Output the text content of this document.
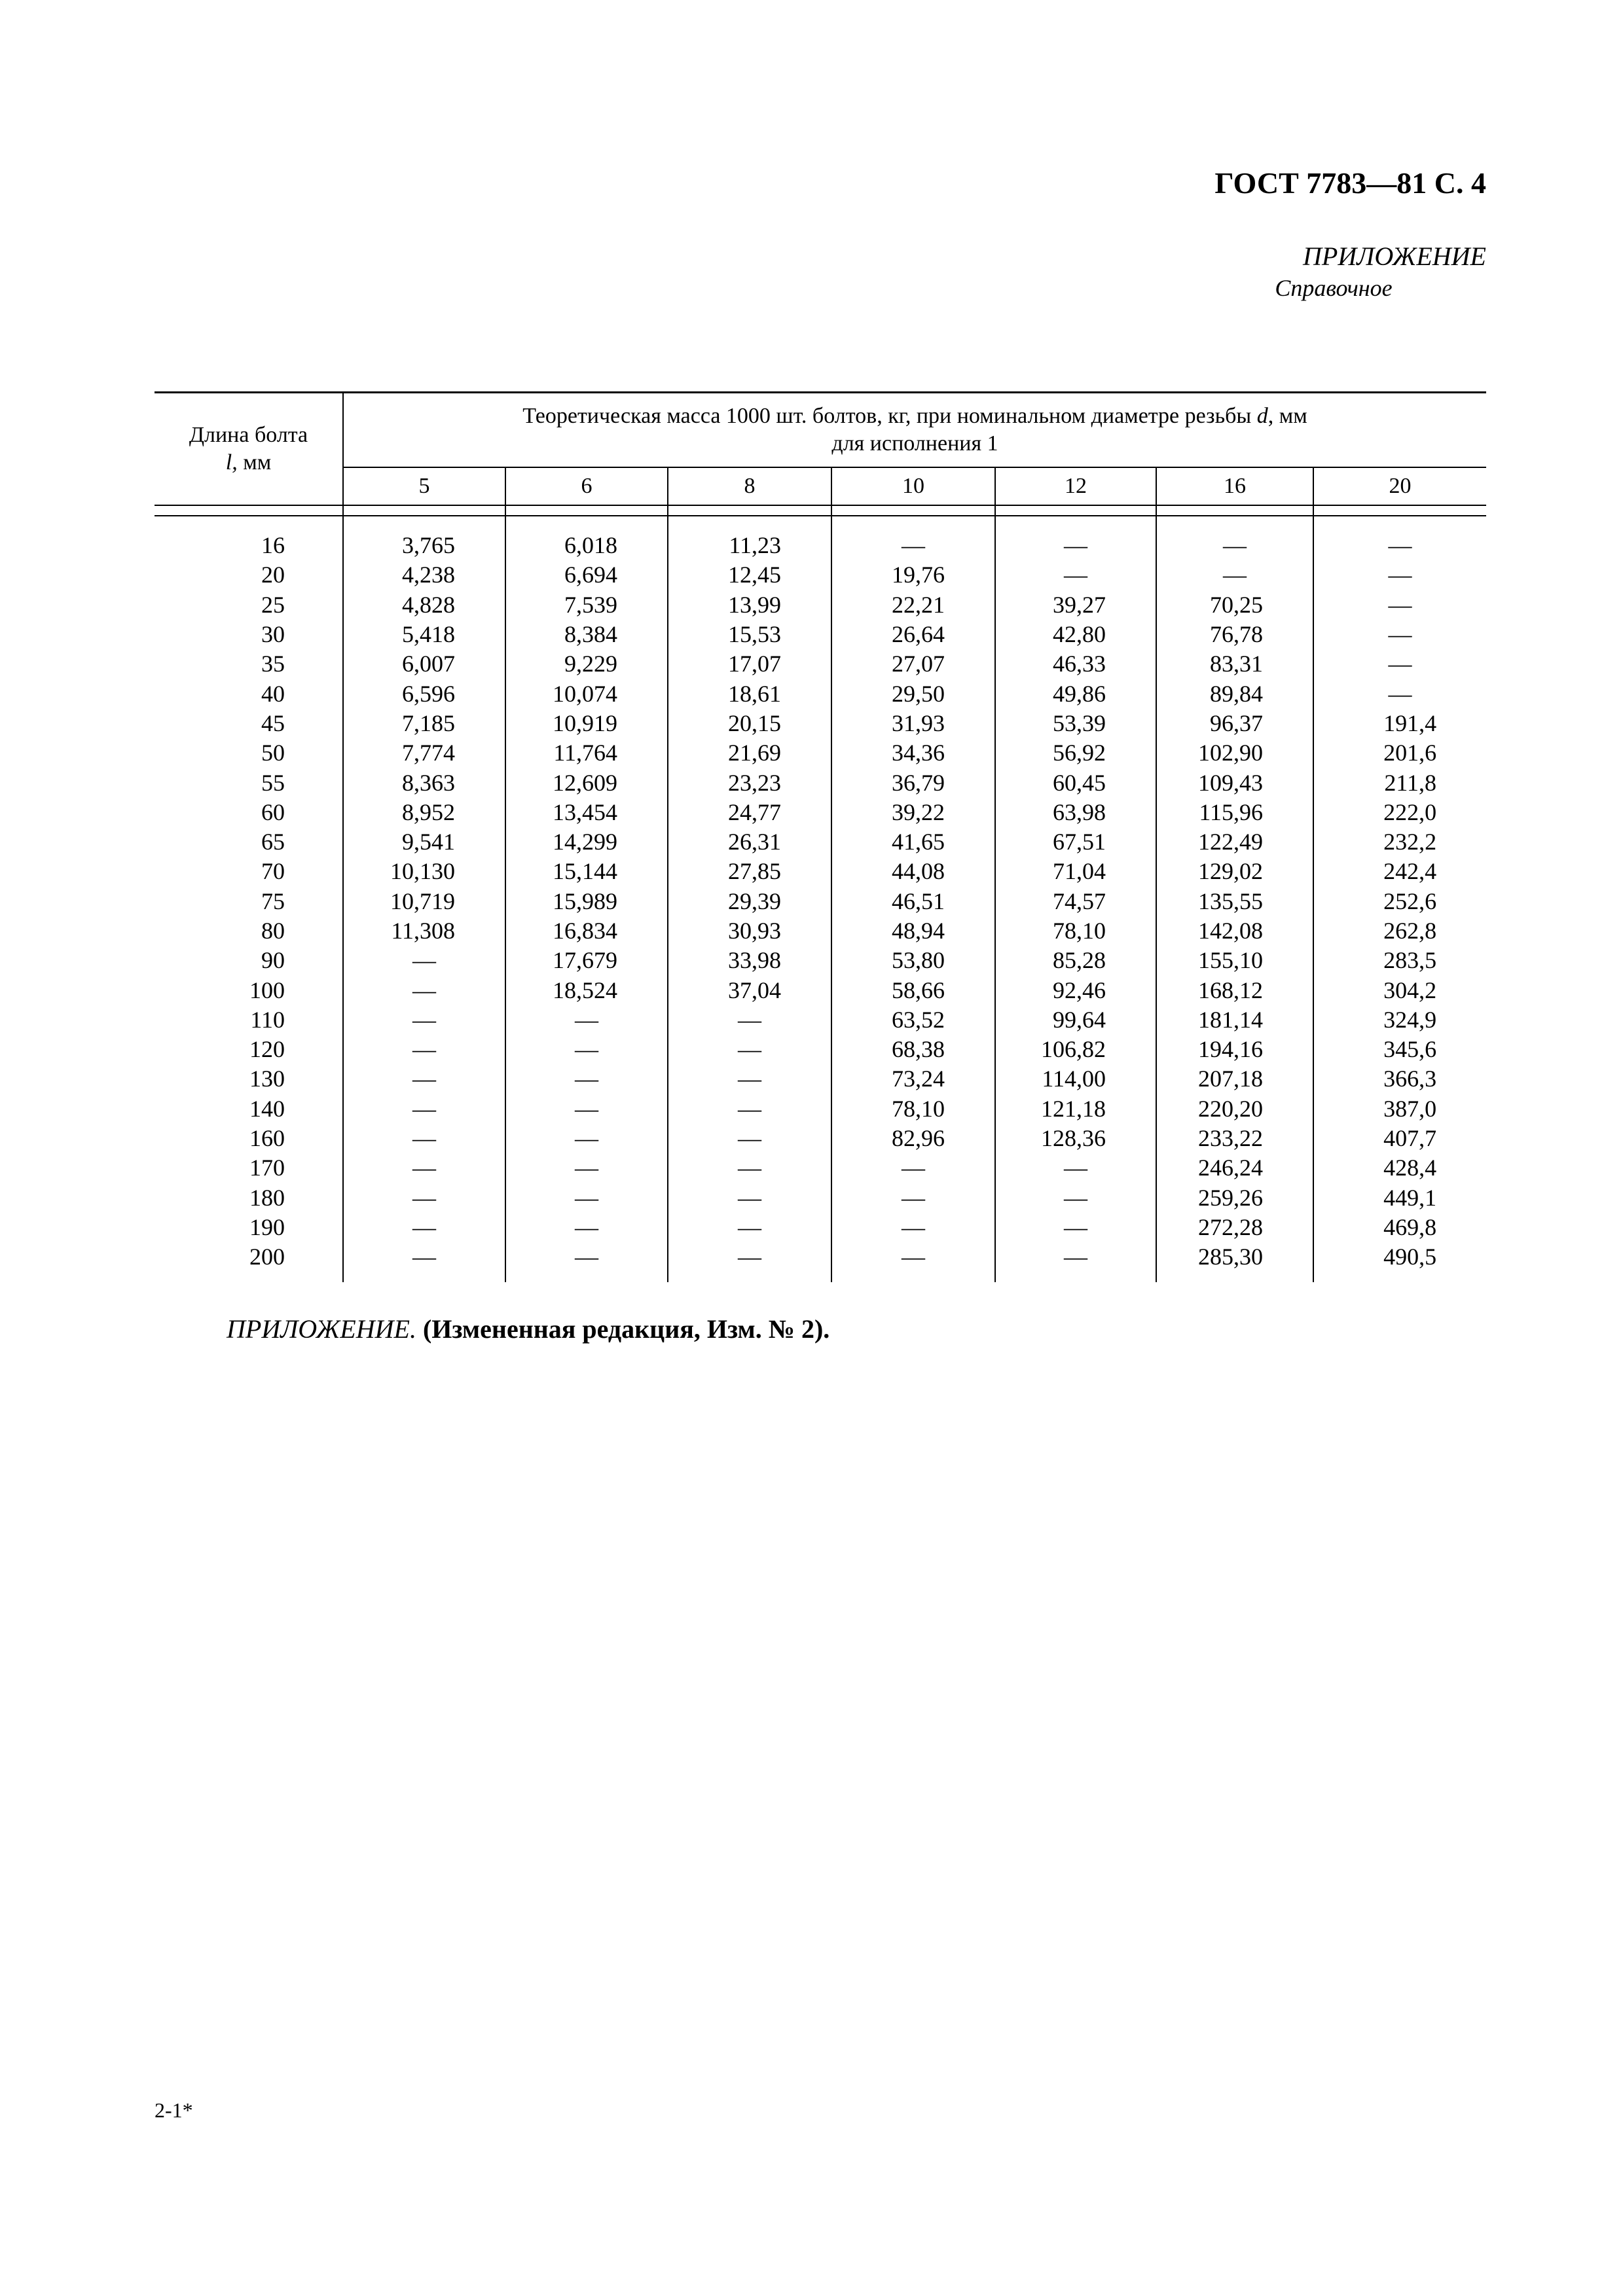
ГОСТ 7783—81 С. 4
ПРИЛОЖЕНИЕ
Справочное
Длина болта
l, мм	Теоретическая масса 1000 шт. болтов, кг, при номинальном диаметре резьбы d, мм
для исполнения 1						
	5	6	8	10	12	16	20

16	3,765	6,018	11,23	—	—	—	—
20	4,238	6,694	12,45	19,76	—	—	—
25	4,828	7,539	13,99	22,21	39,27	70,25	—
30	5,418	8,384	15,53	26,64	42,80	76,78	—
35	6,007	9,229	17,07	27,07	46,33	83,31	—
40	6,596	10,074	18,61	29,50	49,86	89,84	—
45	7,185	10,919	20,15	31,93	53,39	96,37	191,4
50	7,774	11,764	21,69	34,36	56,92	102,90	201,6
55	8,363	12,609	23,23	36,79	60,45	109,43	211,8
60	8,952	13,454	24,77	39,22	63,98	115,96	222,0
65	9,541	14,299	26,31	41,65	67,51	122,49	232,2
70	10,130	15,144	27,85	44,08	71,04	129,02	242,4
75	10,719	15,989	29,39	46,51	74,57	135,55	252,6
80	11,308	16,834	30,93	48,94	78,10	142,08	262,8
90	—	17,679	33,98	53,80	85,28	155,10	283,5
100	—	18,524	37,04	58,66	92,46	168,12	304,2
110	—	—	—	63,52	99,64	181,14	324,9
120	—	—	—	68,38	106,82	194,16	345,6
130	—	—	—	73,24	114,00	207,18	366,3
140	—	—	—	78,10	121,18	220,20	387,0
160	—	—	—	82,96	128,36	233,22	407,7
170	—	—	—	—	—	246,24	428,4
180	—	—	—	—	—	259,26	449,1
190	—	—	—	—	—	272,28	469,8
200	—	—	—	—	—	285,30	490,5

ПРИЛОЖЕНИЕ. (Измененная редакция, Изм. № 2).
2-1*
